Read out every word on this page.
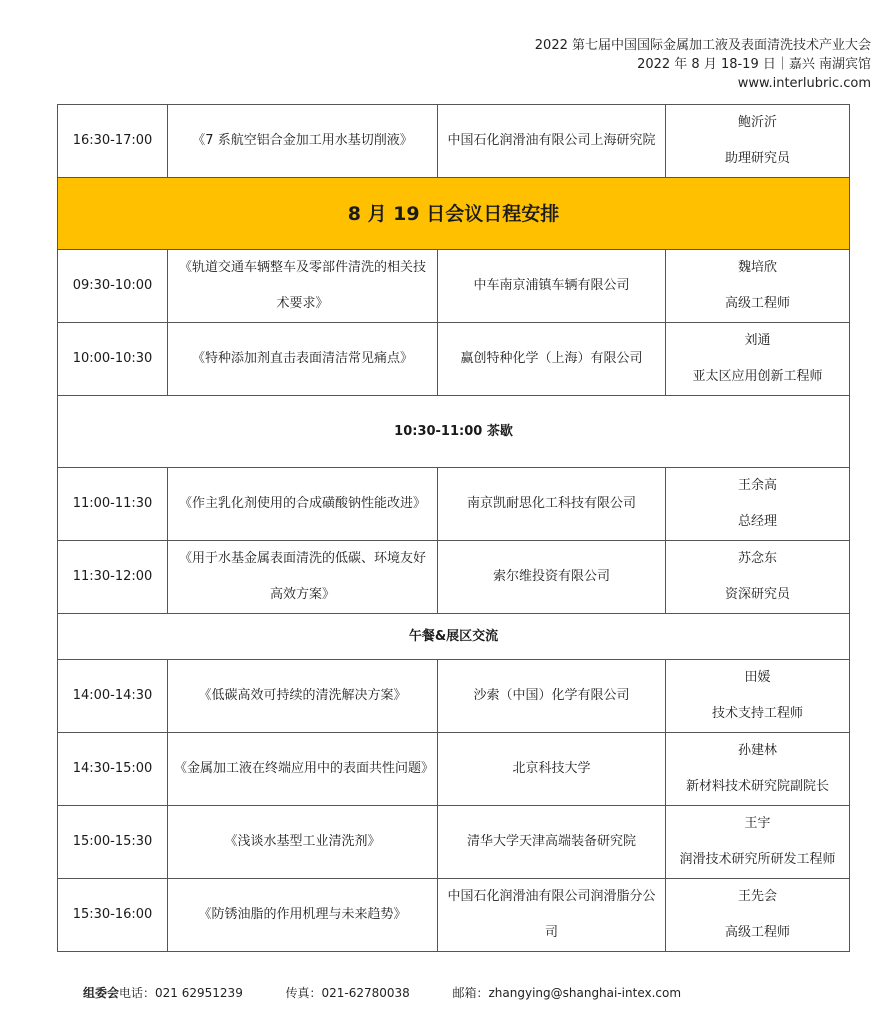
2022 第七届中国国际金属加工液及表面清洗技术产业大会
2022 年 8 月 18-19 日｜嘉兴 南湖宾馆
www.interlubric.com
16:30-17:00	《7 系航空铝合金加工用水基切削液》	中国石化润滑油有限公司上海研究院	鲍沂沂
助理研究员

8 月 19 日会议日程安排			
09:30-10:00	《轨道交通车辆整车及零部件清洗的相关技术要求》	中车南京浦镇车辆有限公司	魏培欣
高级工程师

10:00-10:30	《特种添加剂直击表面清洁常见痛点》	赢创特种化学（上海）有限公司	刘通
亚太区应用创新工程师

10:30-11:00 茶歇			
11:00-11:30	《作主乳化剂使用的合成磺酸钠性能改进》	南京凯耐思化工科技有限公司	王余高
总经理

11:30-12:00	《用于水基金属表面清洗的低碳、环境友好高效方案》	索尔维投资有限公司	苏念东
资深研究员

午餐&展区交流			
14:00-14:30	《低碳高效可持续的清洗解决方案》	沙索（中国）化学有限公司	田媛
技术支持工程师

14:30-15:00	《金属加工液在终端应用中的表面共性问题》	北京科技大学	孙建林
新材料技术研究院副院长

15:00-15:30	《浅谈水基型工业清洗剂》	清华大学天津高端装备研究院	王宇
润滑技术研究所研发工程师

15:30-16:00	《防锈油脂的作用机理与未来趋势》	中国石化润滑油有限公司润滑脂分公司	王先会
高级工程师
组委会电话：021 62951239	传真：021-62780038	邮箱：zhangying@shanghai-intex.com
